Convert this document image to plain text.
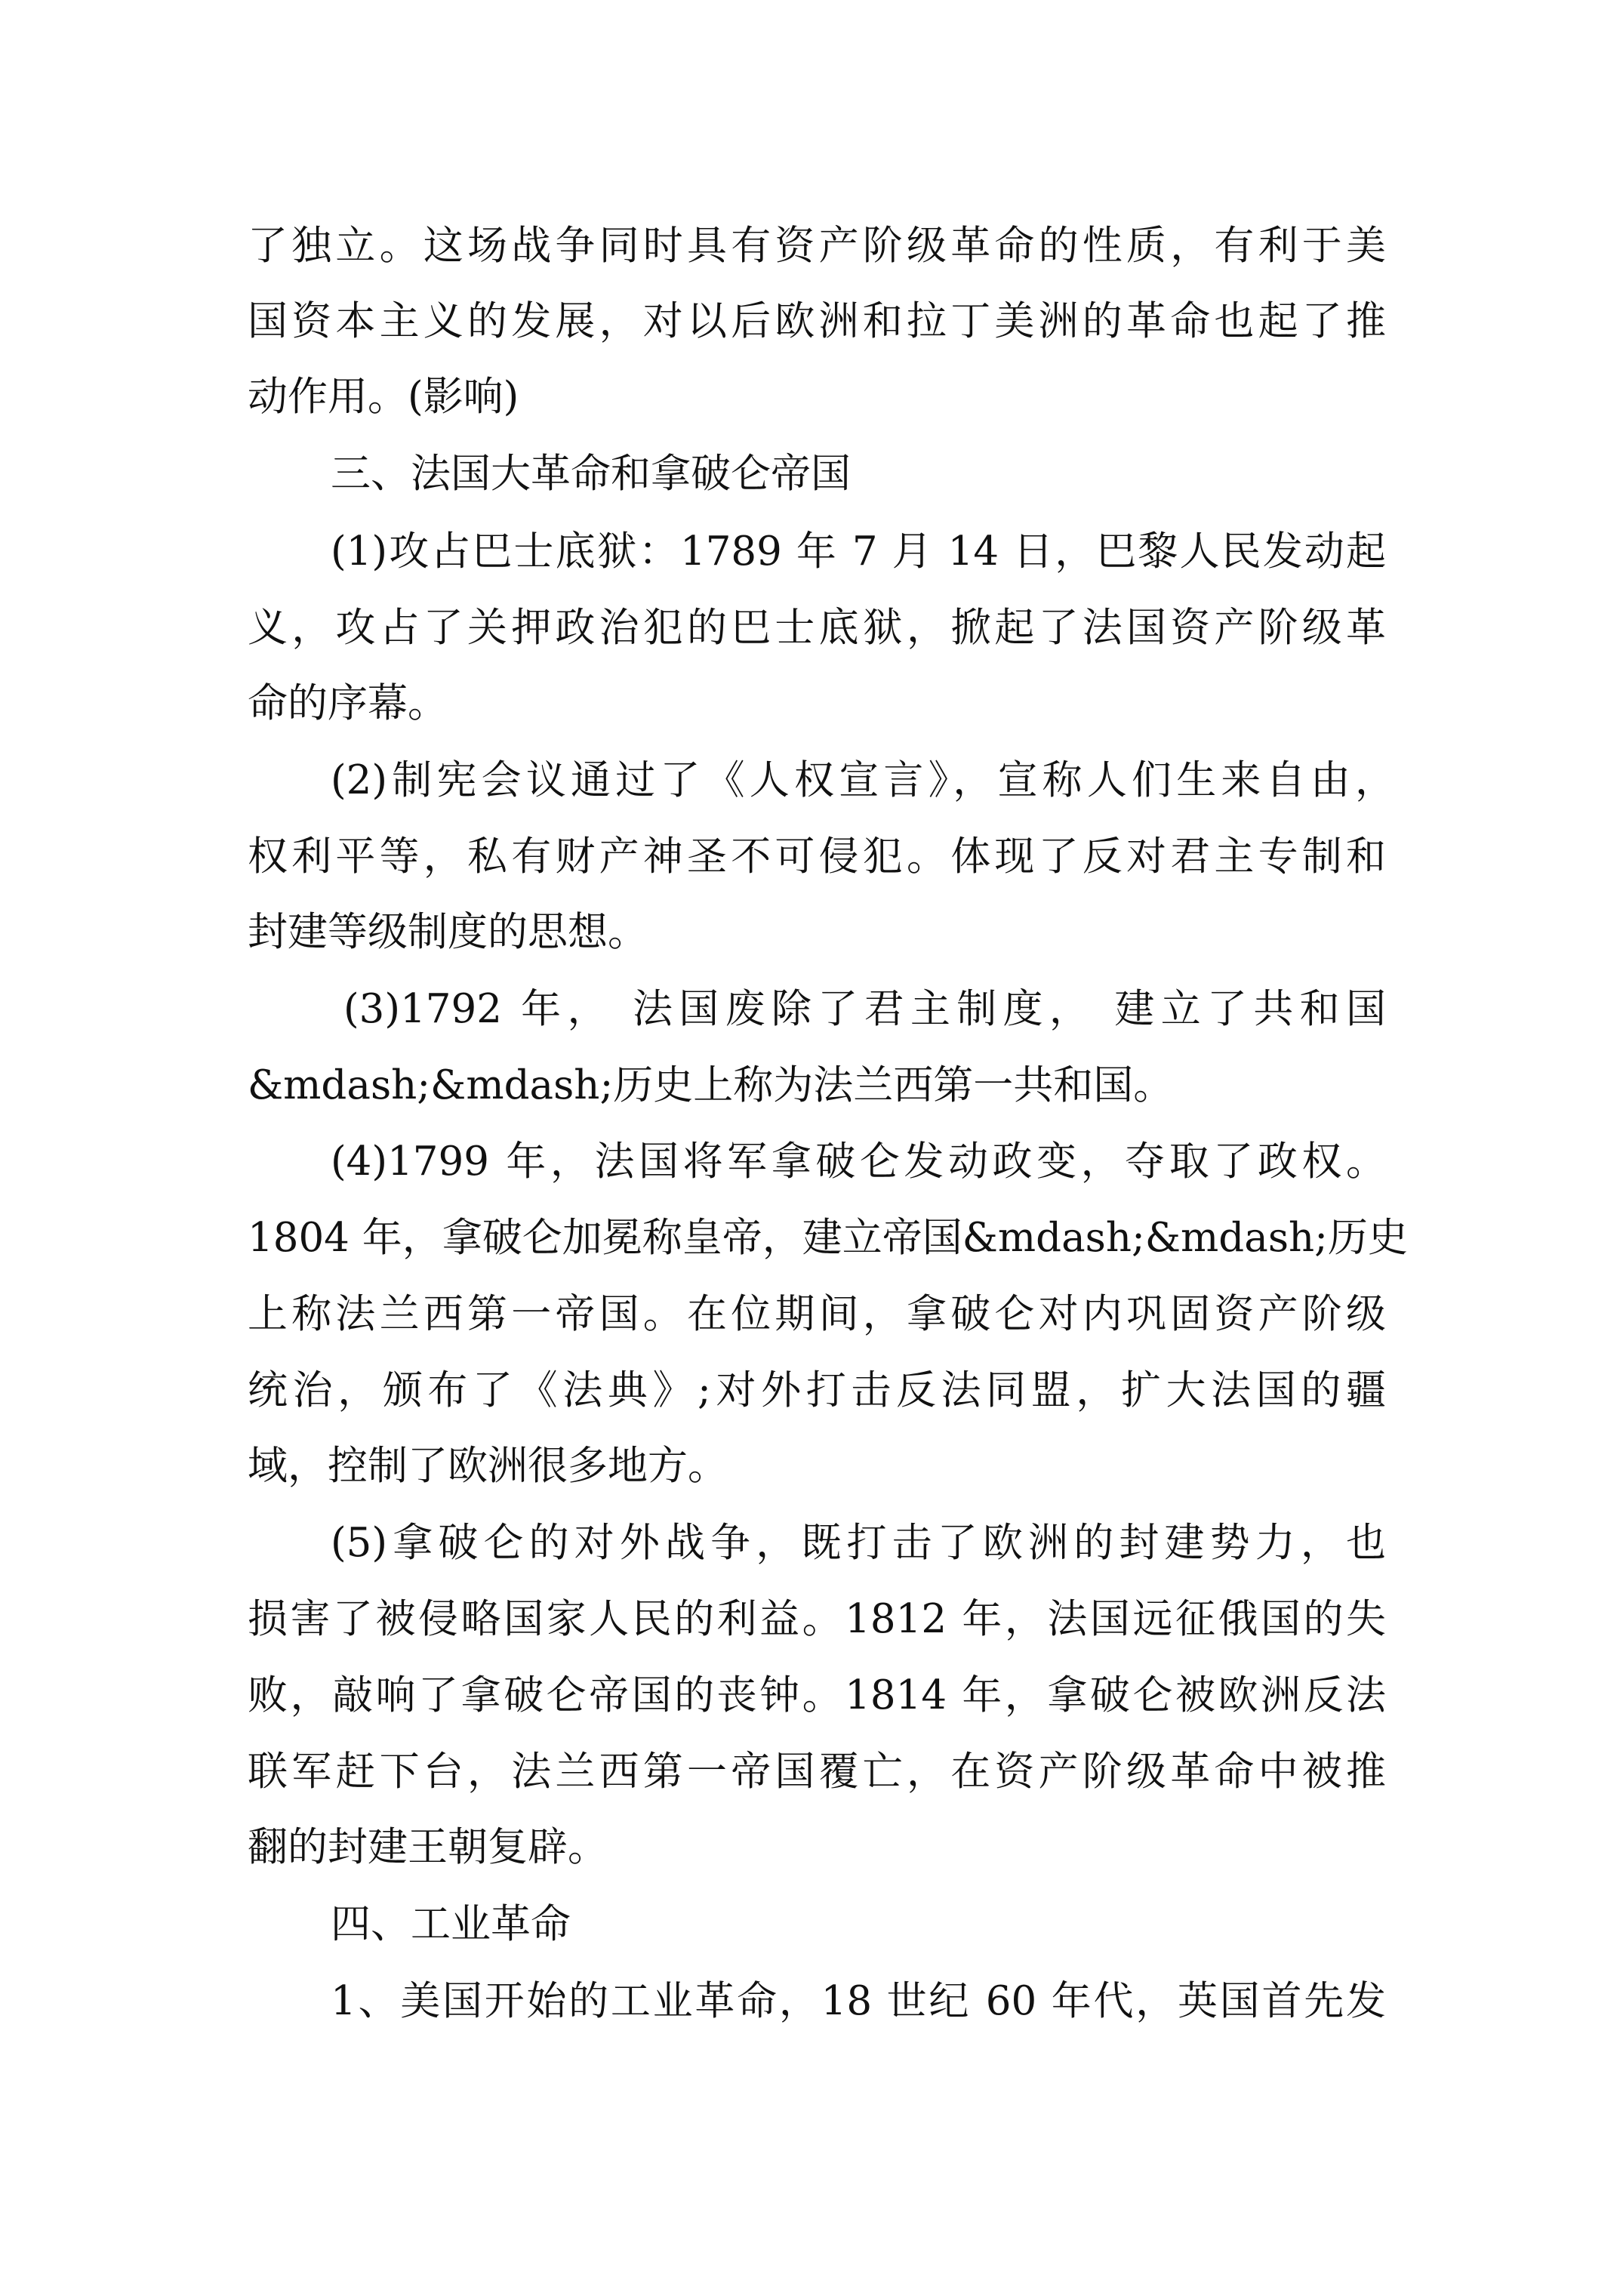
了独立。这场战争同时具有资产阶级革命的性质，有利于美
国资本主义的发展，对以后欧洲和拉丁美洲的革命也起了推
动作用。(影响)
三、法国大革命和拿破仑帝国
(1)攻占巴士底狱：1789 年 7 月 14 日，巴黎人民发动起
义，攻占了关押政治犯的巴士底狱，掀起了法国资产阶级革
命的序幕。
(2)制宪会议通过了《人权宣言》，宣称人们生来自由，
权利平等，私有财产神圣不可侵犯。体现了反对君主专制和
封建等级制度的思想。
(3)1792 年， 法国废除了君主制度， 建立了共和国
&mdash;&mdash;历史上称为法兰西第一共和国。
(4)1799 年，法国将军拿破仑发动政变，夺取了政权。
1804 年，拿破仑加冕称皇帝，建立帝国&mdash;&mdash;历史
上称法兰西第一帝国。在位期间，拿破仑对内巩固资产阶级
统治，颁布了《法典》;对外打击反法同盟，扩大法国的疆
域，控制了欧洲很多地方。
(5)拿破仑的对外战争，既打击了欧洲的封建势力，也
损害了被侵略国家人民的利益。1812 年，法国远征俄国的失
败，敲响了拿破仑帝国的丧钟。1814 年，拿破仑被欧洲反法
联军赶下台，法兰西第一帝国覆亡，在资产阶级革命中被推
翻的封建王朝复辟。
四、工业革命
1、美国开始的工业革命，18 世纪 60 年代，英国首先发
